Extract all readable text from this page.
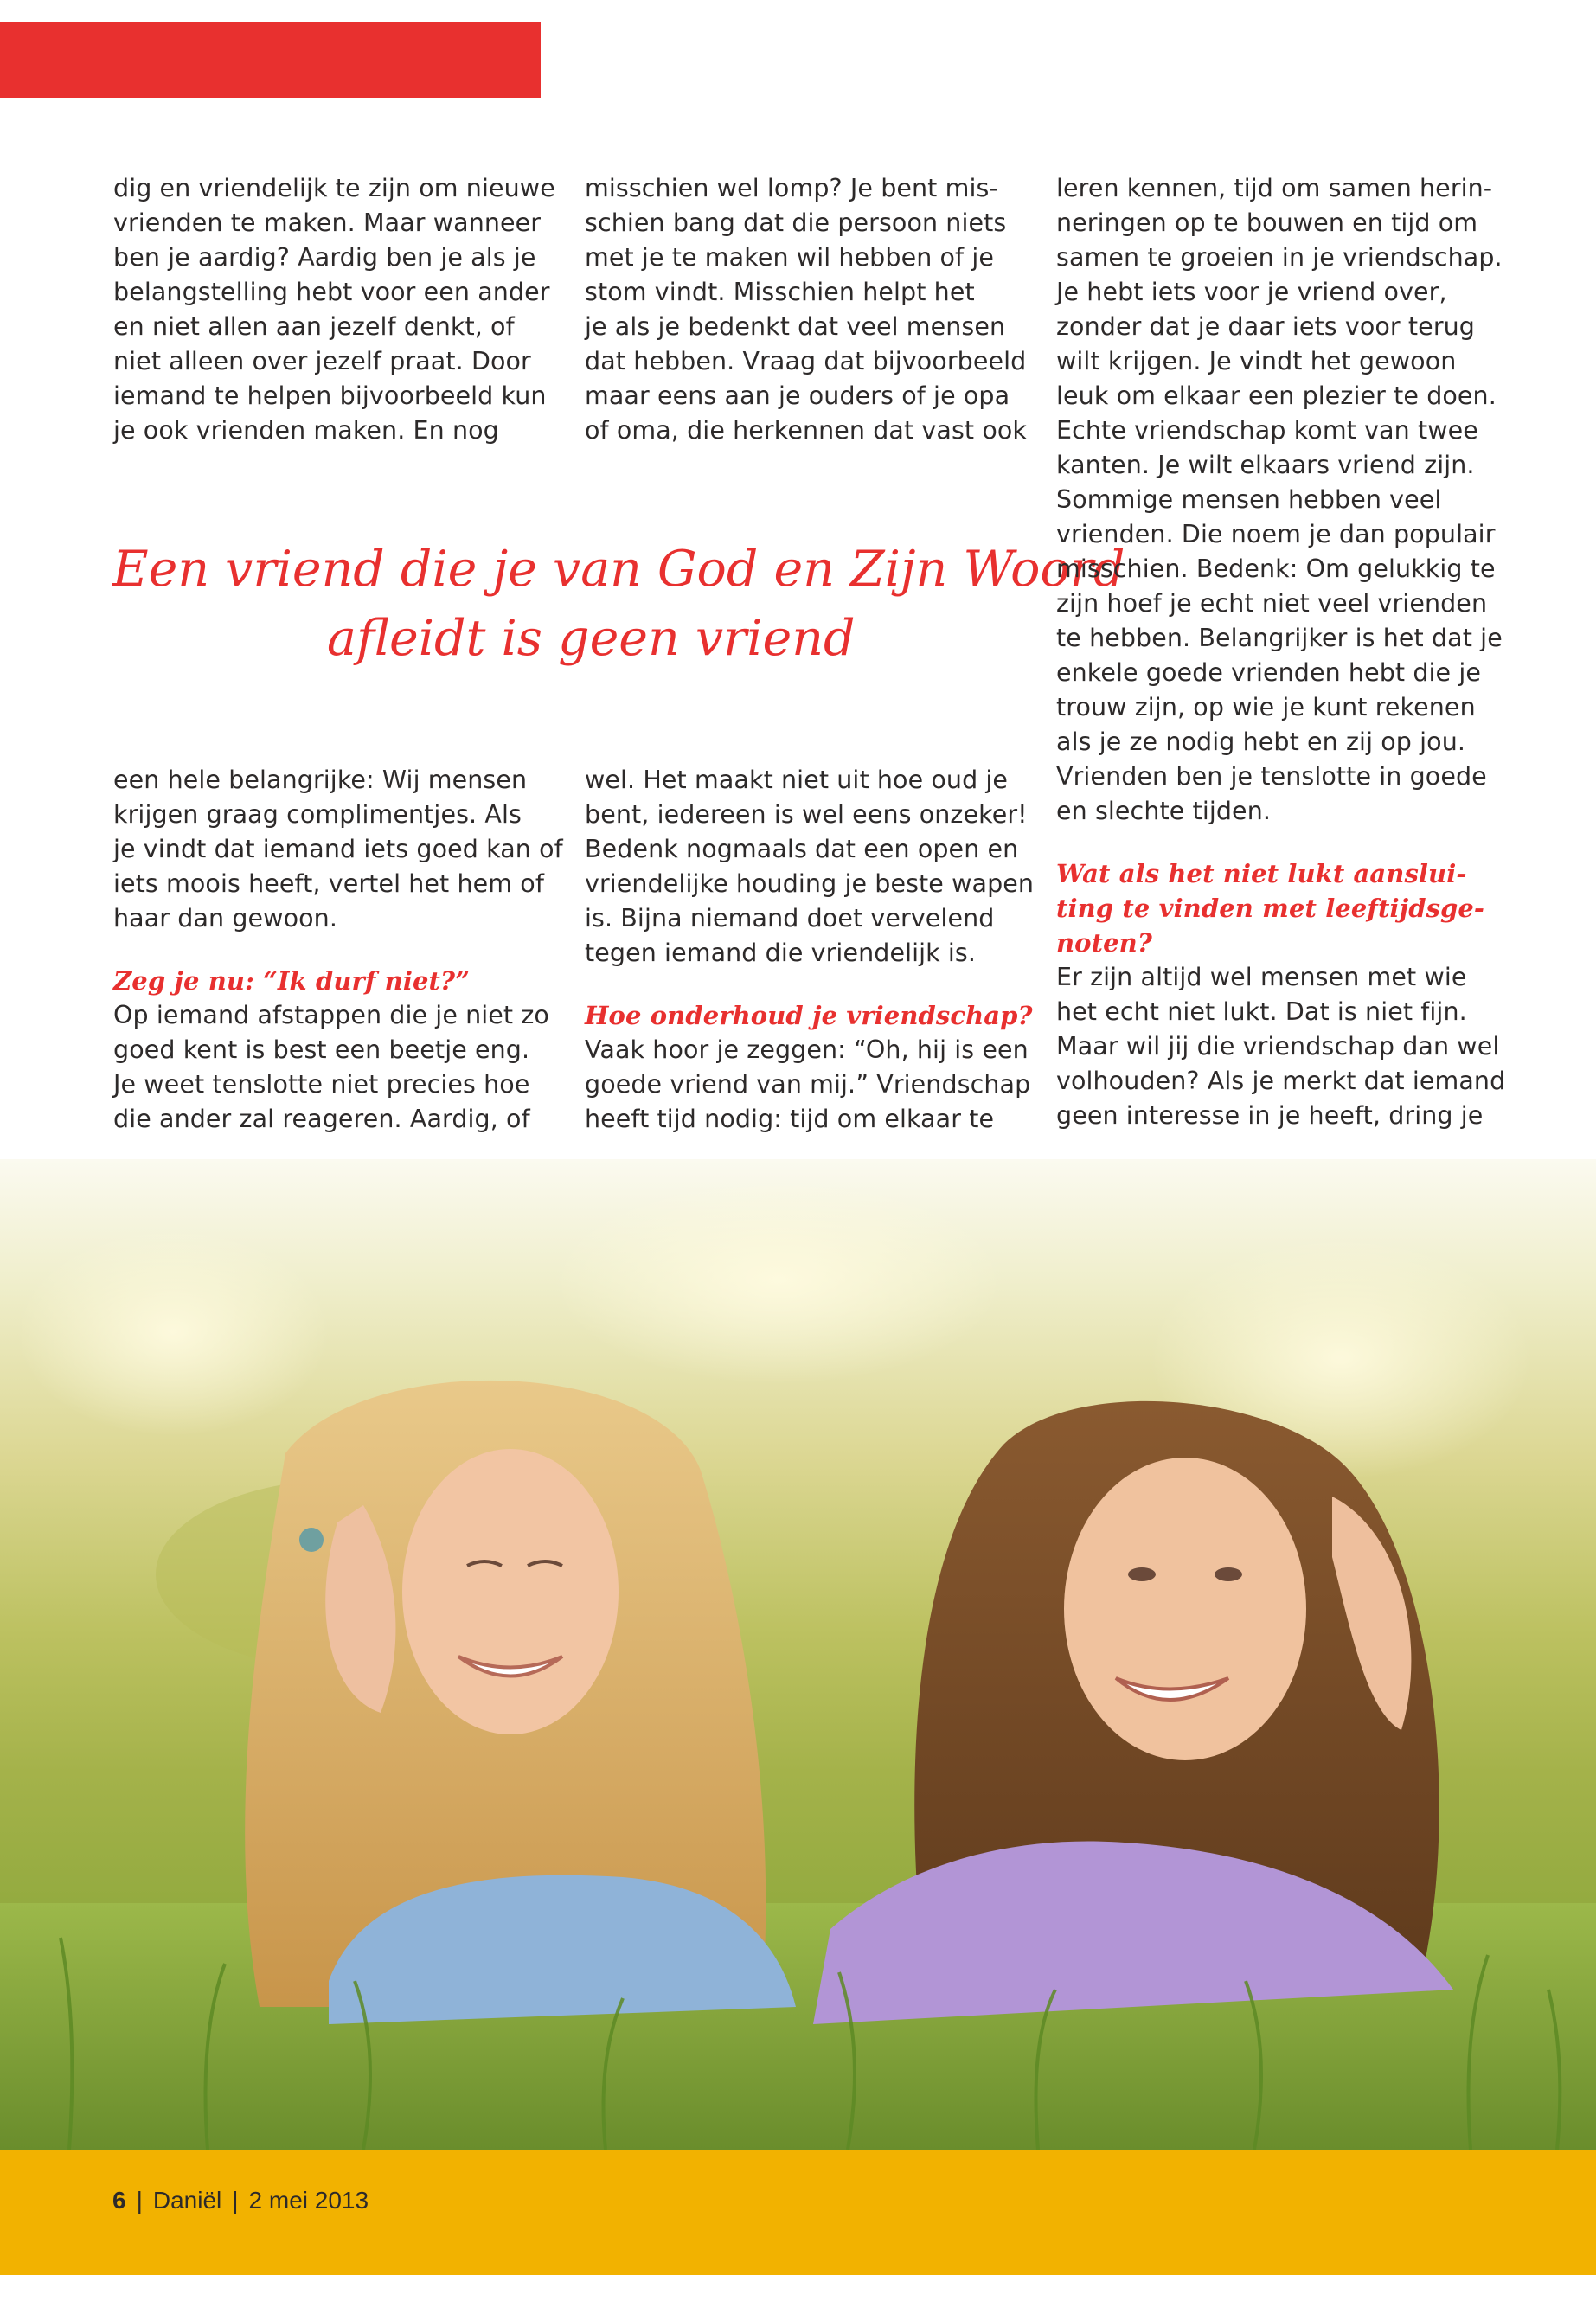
dig en vriendelijk te zijn om nieuwe
vrienden te maken. Maar wanneer
ben je aardig? Aardig ben je als je
belangstelling hebt voor een ander
en niet allen aan jezelf denkt, of
niet alleen over jezelf praat. Door
iemand te helpen bijvoorbeeld kun
je ook vrienden maken. En nog

misschien wel lomp? Je bent mis-
schien bang dat die persoon niets
met je te maken wil hebben of je
stom vindt. Misschien helpt het
je als je bedenkt dat veel mensen
dat hebben. Vraag dat bijvoorbeeld
maar eens aan je ouders of je opa
of oma, die herkennen dat vast ook

Een vriend die je van God en Zijn Woord
afleidt is geen vriend

een hele belangrijke: Wij mensen
krijgen graag complimentjes. Als
je vindt dat iemand iets goed kan of
iets moois heeft, vertel het hem of
haar dan gewoon.

Zeg je nu: “Ik durf niet?”

Op iemand afstappen die je niet zo
goed kent is best een beetje eng.
Je weet tenslotte niet precies hoe
die ander zal reageren. Aardig, of

wel. Het maakt niet uit hoe oud je
bent, iedereen is wel eens onzeker!
Bedenk nogmaals dat een open en
vriendelijke houding je beste wapen
is. Bijna niemand doet vervelend
tegen iemand die vriendelijk is.

Hoe onderhoud je vriendschap?

Vaak hoor je zeggen: “Oh, hij is een
goede vriend van mij.” Vriendschap
heeft tijd nodig: tijd om elkaar te

leren kennen, tijd om samen herin-
neringen op te bouwen en tijd om
samen te groeien in je vriendschap.
Je hebt iets voor je vriend over,
zonder dat je daar iets voor terug
wilt krijgen. Je vindt het gewoon
leuk om elkaar een plezier te doen.
Echte vriendschap komt van twee
kanten. Je wilt elkaars vriend zijn.
Sommige mensen hebben veel
vrienden. Die noem je dan populair
misschien. Bedenk: Om gelukkig te
zijn hoef je echt niet veel vrienden
te hebben. Belangrijker is het dat je
enkele goede vrienden hebt die je
trouw zijn, op wie je kunt rekenen
als je ze nodig hebt en zij op jou.
Vrienden ben je tenslotte in goede
en slechte tijden.

Wat als het niet lukt aanslui-
ting te vinden met leeftijdsge-
noten?

Er zijn altijd wel mensen met wie
het echt niet lukt. Dat is niet fijn.
Maar wil jij die vriendschap dan wel
volhouden? Als je merkt dat iemand
geen interesse in je heeft, dring je

6 | Daniël | 2 mei 2013
